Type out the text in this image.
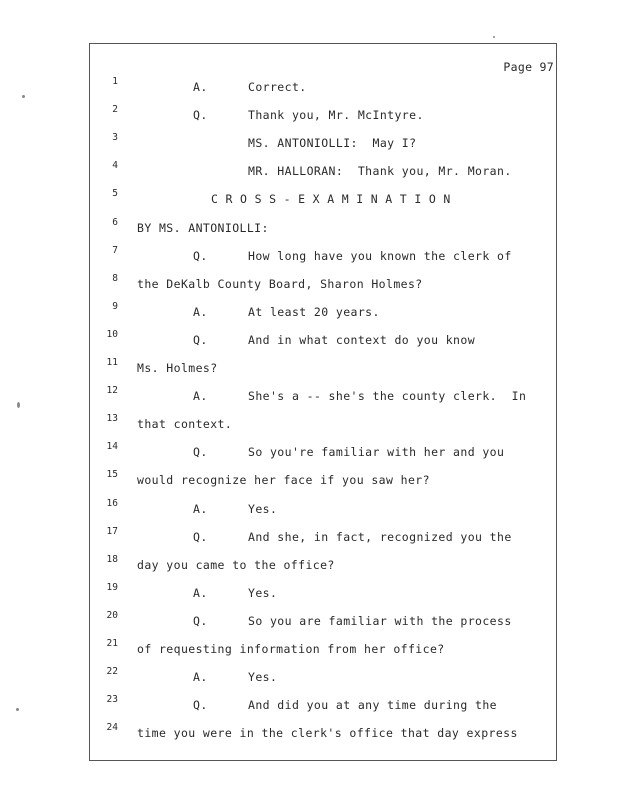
Page 97
1	A.	Correct.
2	Q.	Thank you, Mr. McIntyre.
3	MS. ANTONIOLLI:  May I?
4	MR. HALLORAN:  Thank you, Mr. Moran.
5	CROSS-EXAMINATION
6 BY MS. ANTONIOLLI:
7	Q.	How long have you known the clerk of
8 the DeKalb County Board, Sharon Holmes?
9	A.	At least 20 years.
10	Q.	And in what context do you know
11 Ms. Holmes?
12	A.	She's a -- she's the county clerk.  In
13 that context.
14	Q.	So you're familiar with her and you
15 would recognize her face if you saw her?
16	A.	Yes.
17	Q.	And she, in fact, recognized you the
18 day you came to the office?
19	A.	Yes.
20	Q.	So you are familiar with the process
21 of requesting information from her office?
22	A.	Yes.
23	Q.	And did you at any time during the
24 time you were in the clerk's office that day express
